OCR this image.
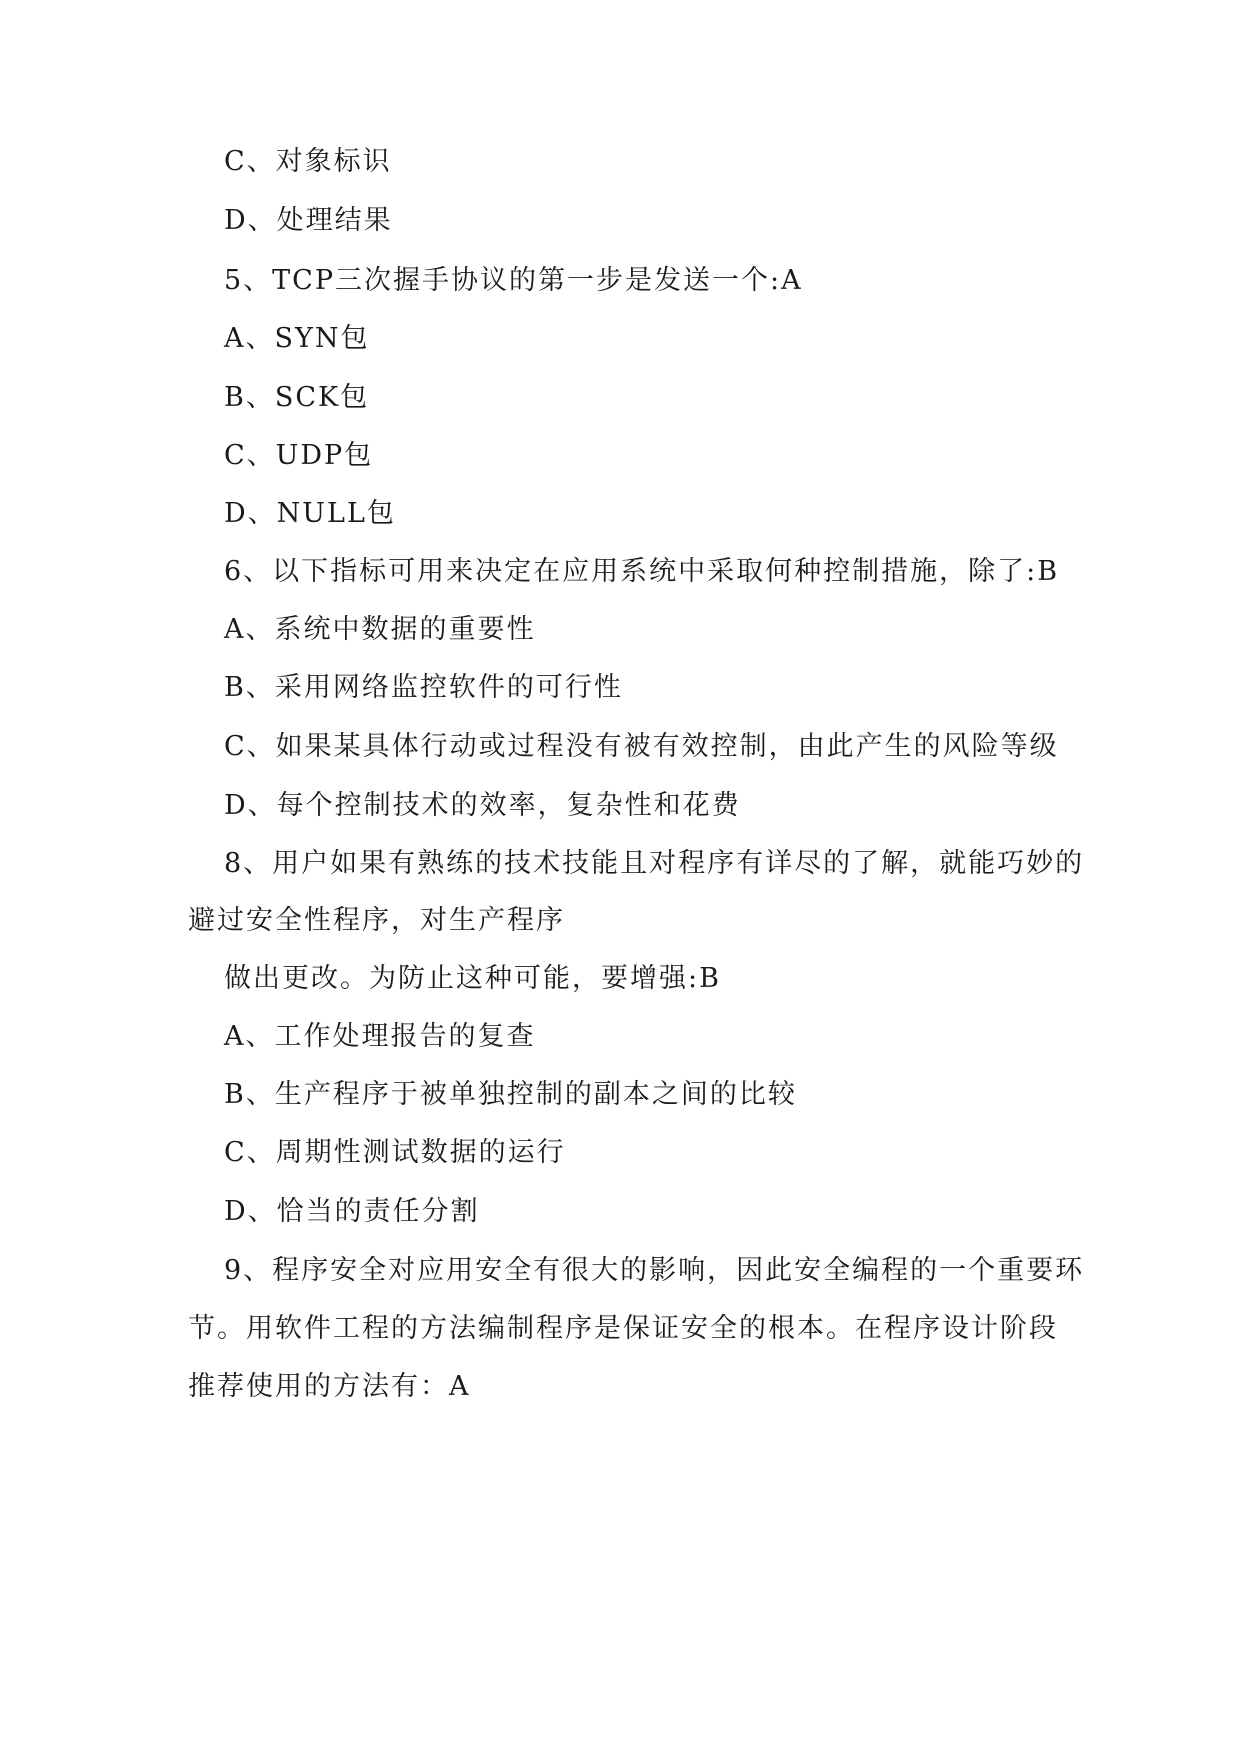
C、对象标识
D、处理结果
5、TCP三次握手协议的第一步是发送一个:A
A、SYN包
B、SCK包
C、UDP包
D、NULL包
6、以下指标可用来决定在应用系统中采取何种控制措施，除了:B
A、系统中数据的重要性
B、采用网络监控软件的可行性
C、如果某具体行动或过程没有被有效控制，由此产生的风险等级
D、每个控制技术的效率，复杂性和花费
8、用户如果有熟练的技术技能且对程序有详尽的了解，就能巧妙的
避过安全性程序，对生产程序
做出更改。为防止这种可能，要增强:B
A、工作处理报告的复查
B、生产程序于被单独控制的副本之间的比较
C、周期性测试数据的运行
D、恰当的责任分割
9、程序安全对应用安全有很大的影响，因此安全编程的一个重要环
节。用软件工程的方法编制程序是保证安全的根本。在程序设计阶段
推荐使用的方法有：A
